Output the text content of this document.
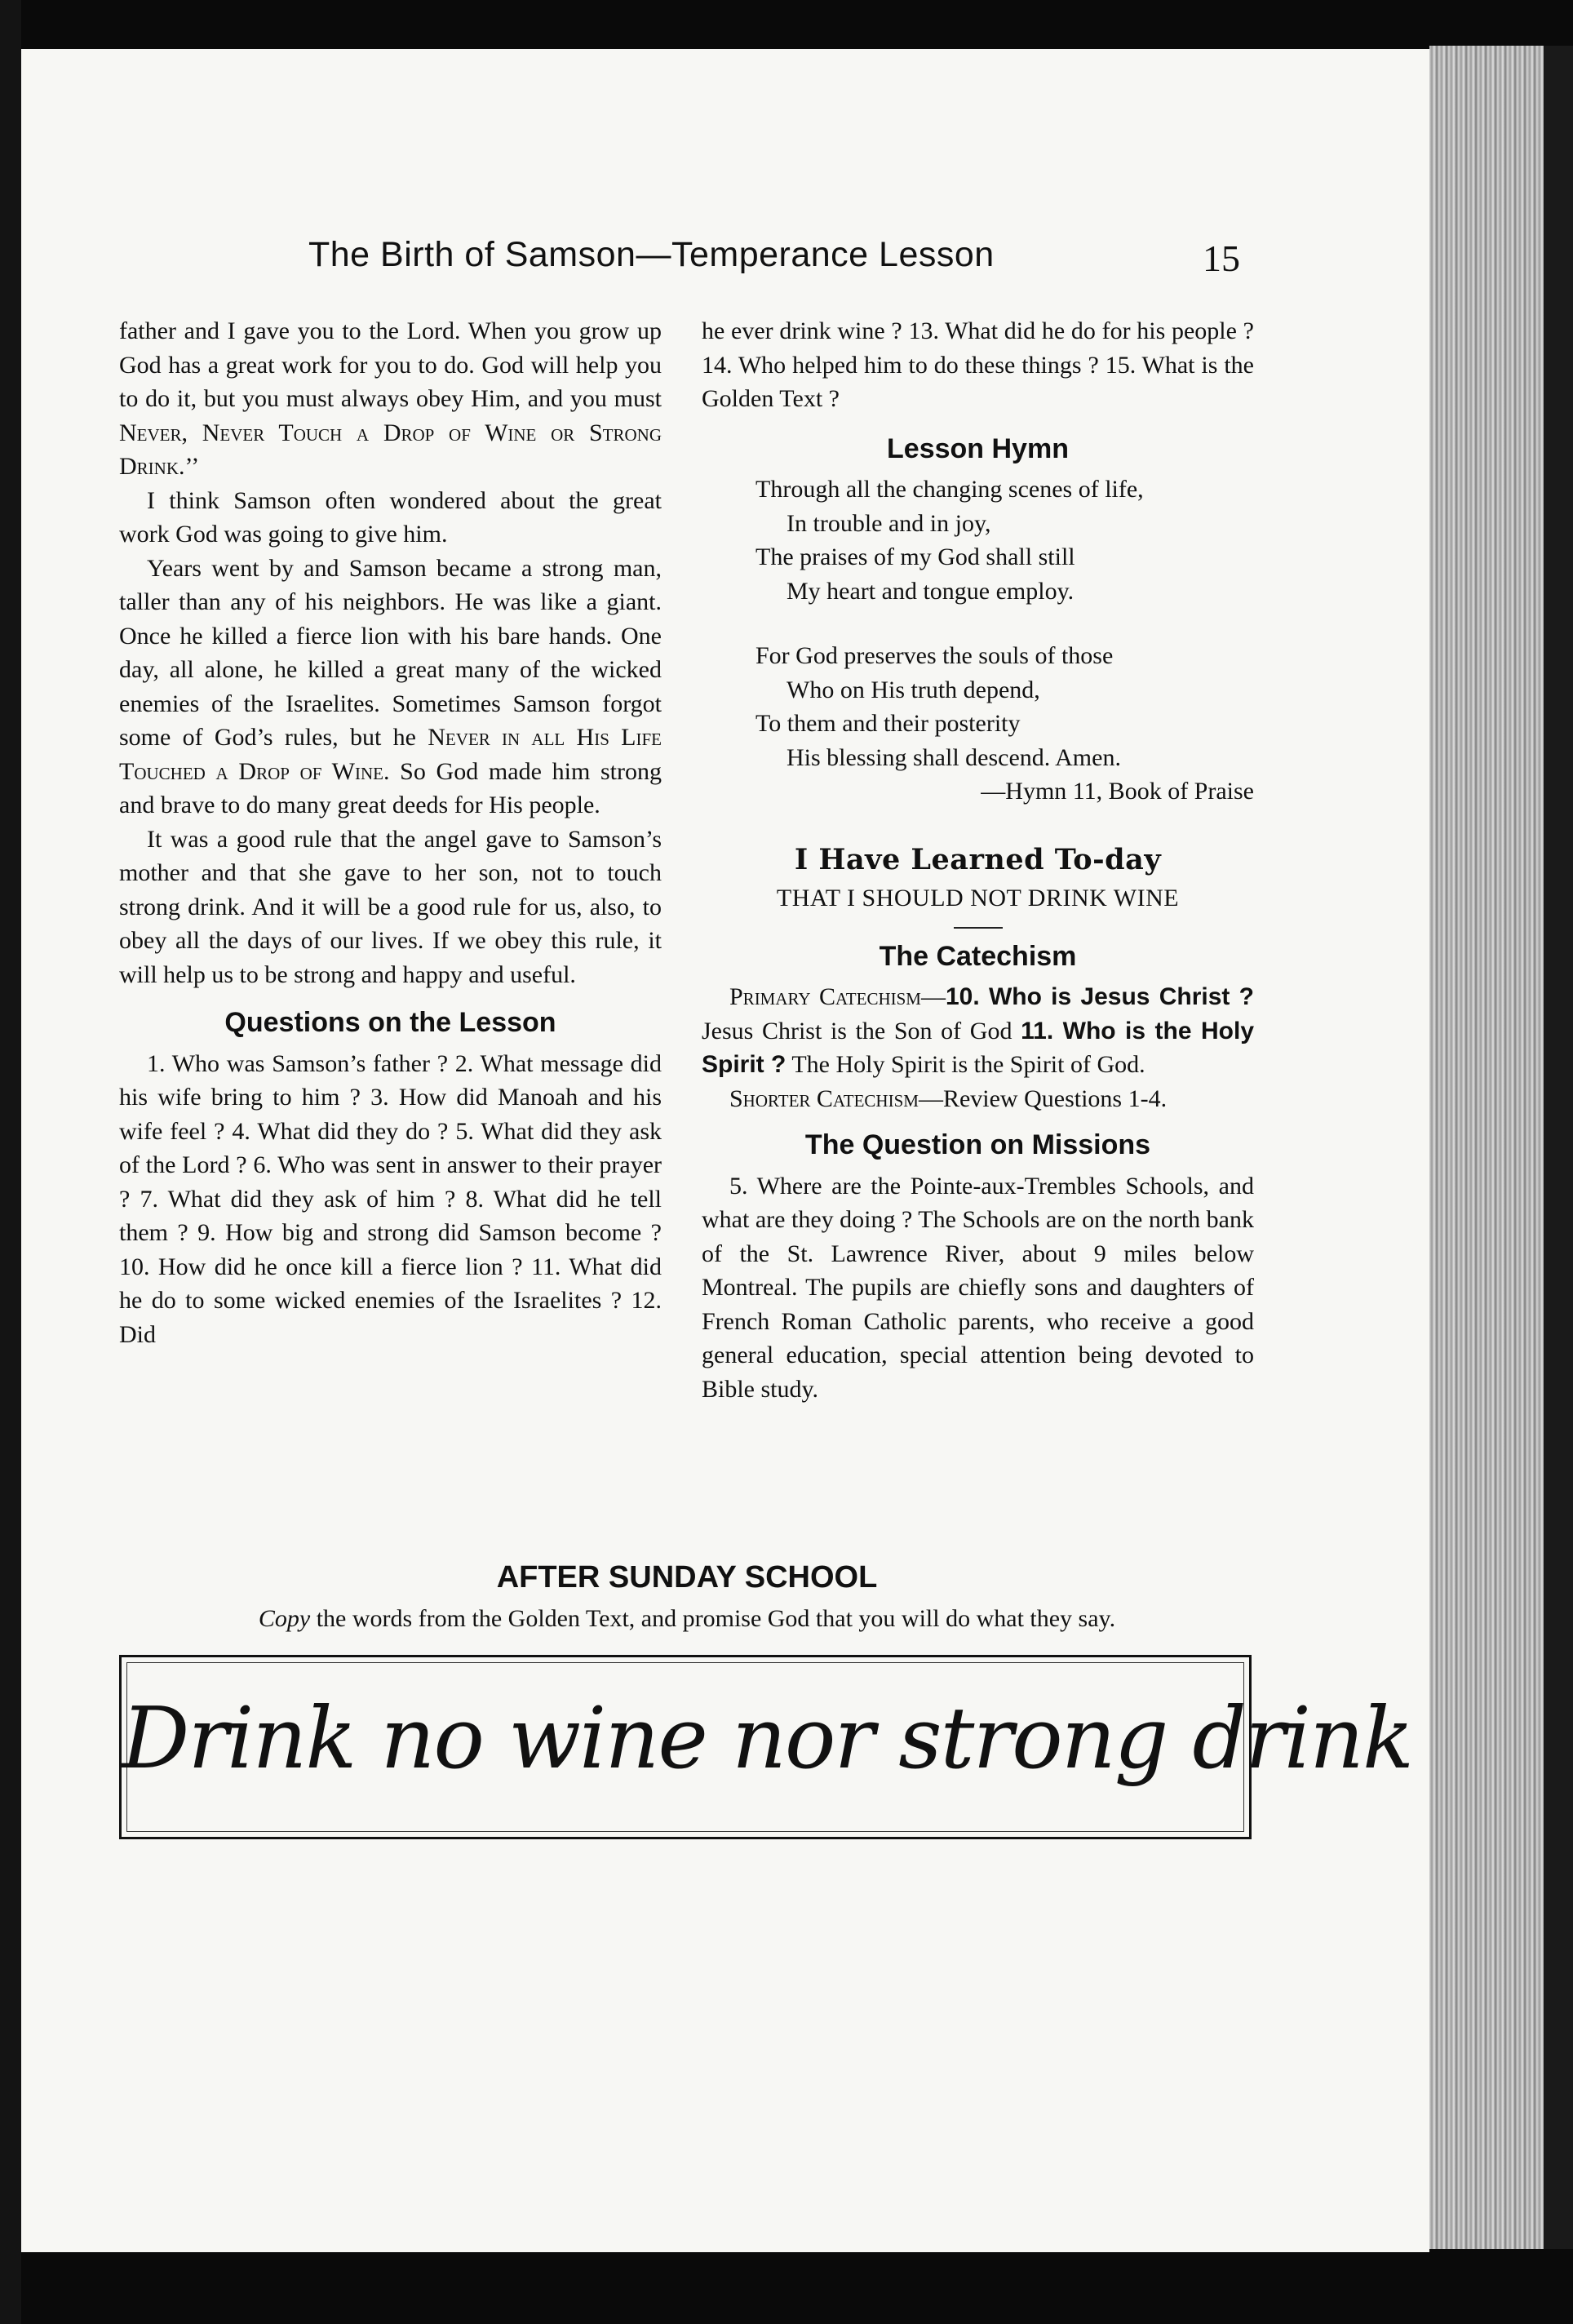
The Birth of Samson—Temperance Lesson	15

father and I gave you to the Lord. When you grow up God has a great work for you to do. God will help you to do it, but you must always obey Him, and you must Never, Never Touch a Drop of Wine or Strong Drink.’’

I think Samson often wondered about the great work God was going to give him.

Years went by and Samson became a strong man, taller than any of his neighbors. He was like a giant. Once he killed a fierce lion with his bare hands. One day, all alone, he killed a great many of the wicked enemies of the Israelites. Sometimes Samson forgot some of God’s rules, but he Never in all His Life Touched a Drop of Wine. So God made him strong and brave to do many great deeds for His people.

It was a good rule that the angel gave to Samson’s mother and that she gave to her son, not to touch strong drink. And it will be a good rule for us, also, to obey all the days of our lives. If we obey this rule, it will help us to be strong and happy and useful.

Questions on the Lesson

1. Who was Samson’s father ? 2. What message did his wife bring to him ? 3. How did Manoah and his wife feel ? 4. What did they do ? 5. What did they ask of the Lord ? 6. Who was sent in answer to their prayer ? 7. What did they ask of him ? 8. What did he tell them ? 9. How big and strong did Samson become ? 10. How did he once kill a fierce lion ? 11. What did he do to some wicked enemies of the Israelites ? 12. Did

he ever drink wine ? 13. What did he do for his people ? 14. Who helped him to do these things ? 15. What is the Golden Text ?

Lesson Hymn

Through all the changing scenes of life,

In trouble and in joy,

The praises of my God shall still

My heart and tongue employ.

For God preserves the souls of those

Who on His truth depend,

To them and their posterity

His blessing shall descend. Amen.

—Hymn 11, Book of Praise

I Have Learned To-day

THAT I SHOULD NOT DRINK WINE

The Catechism

Primary Catechism—10. Who is Jesus Christ ? Jesus Christ is the Son of God 11. Who is the Holy Spirit ? The Holy Spirit is the Spirit of God.

Shorter Catechism—Review Questions 1-4.

The Question on Missions

5. Where are the Pointe-aux-Trembles Schools, and what are they doing ? The Schools are on the north bank of the St. Lawrence River, about 9 miles below Montreal. The pupils are chiefly sons and daughters of French Roman Catholic parents, who receive a good general education, special attention being devoted to Bible study.

AFTER SUNDAY SCHOOL

Copy the words from the Golden Text, and promise God that you will do what they say.

Drink no wine nor strong drink
